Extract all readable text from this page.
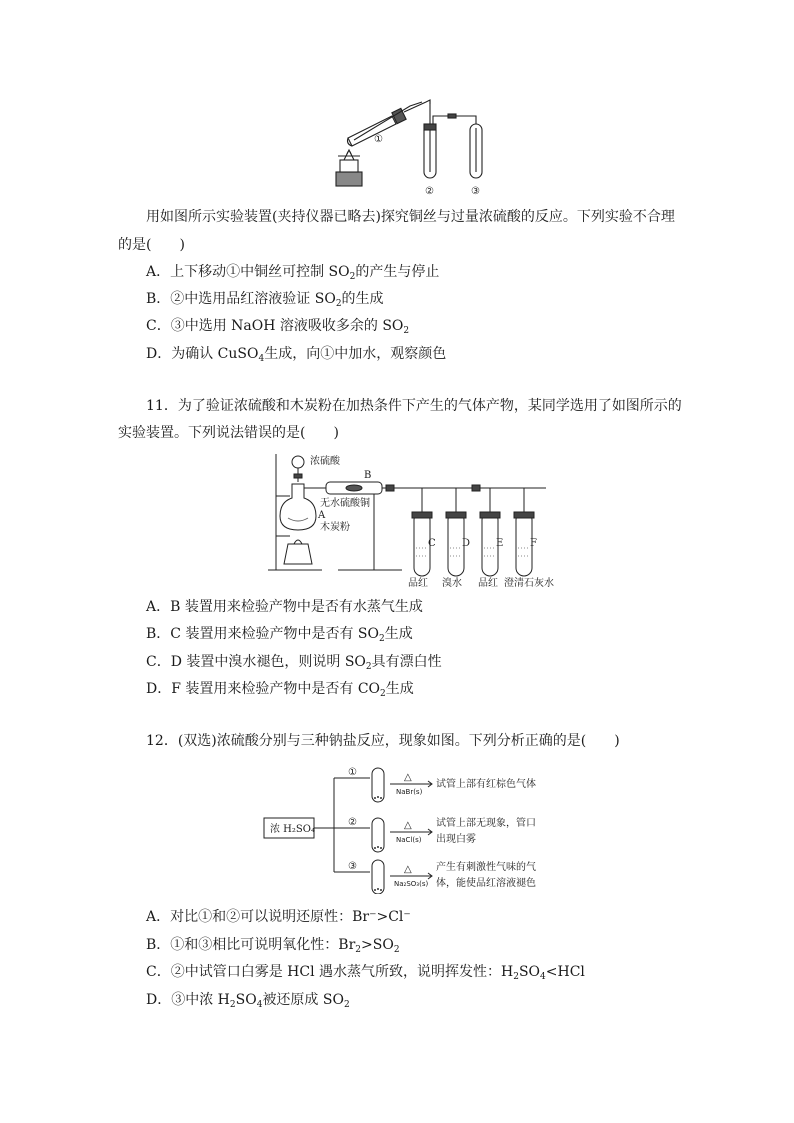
①
②	③
用如图所示实验装置(夹持仪器已略去)探究铜丝与过量浓硫酸的反应。下列实验不合理
的是(　　)
A．上下移动①中铜丝可控制 $SO_2$的产生与停止
B．②中选用品红溶液验证 $SO_2$的生成
C．③中选用 NaOH 溶液吸收多余的 $SO_2$
D．为确认 CuSO$_4$生成，向①中加水，观察颜色
11．为了验证浓硫酸和木炭粉在加热条件下产生的气体产物，某同学选用了如图所示的
实验装置。下列说法错误的是(　　)
浓硫酸
B
无水硫酸铜
A
木炭粉
C	D	E	F
品红 溴水 品红 澄清石灰水
A．B 装置用来检验产物中是否有水蒸气生成
B．C 装置用来检验产物中是否有 $SO_2$生成
C．D 装置中溴水褪色，则说明 $SO_2$具有漂白性
D．F 装置用来检验产物中是否有 $CO_2$生成
12．(双选)浓硫酸分别与三种钠盐反应，现象如图。下列分析正确的是(　　)
浓 H₂SO₄
①
②
③
△
△
△
NaBr(s)
NaCl(s)
Na₂SO₃(s)
试管上部有红棕色气体
试管上部无现象，管口
出现白雾
产生有刺激性气味的气
体，能使品红溶液褪色
A．对比①和②可以说明还原性：Br⁻>Cl⁻
B．①和③相比可说明氧化性：$Br_2>SO_2$
C．②中试管口白雾是 HCl 遇水蒸气所致，说明挥发性：$H_2SO_4<HCl$
D．③中浓 $H_2SO_4$被还原成 $SO_2$
